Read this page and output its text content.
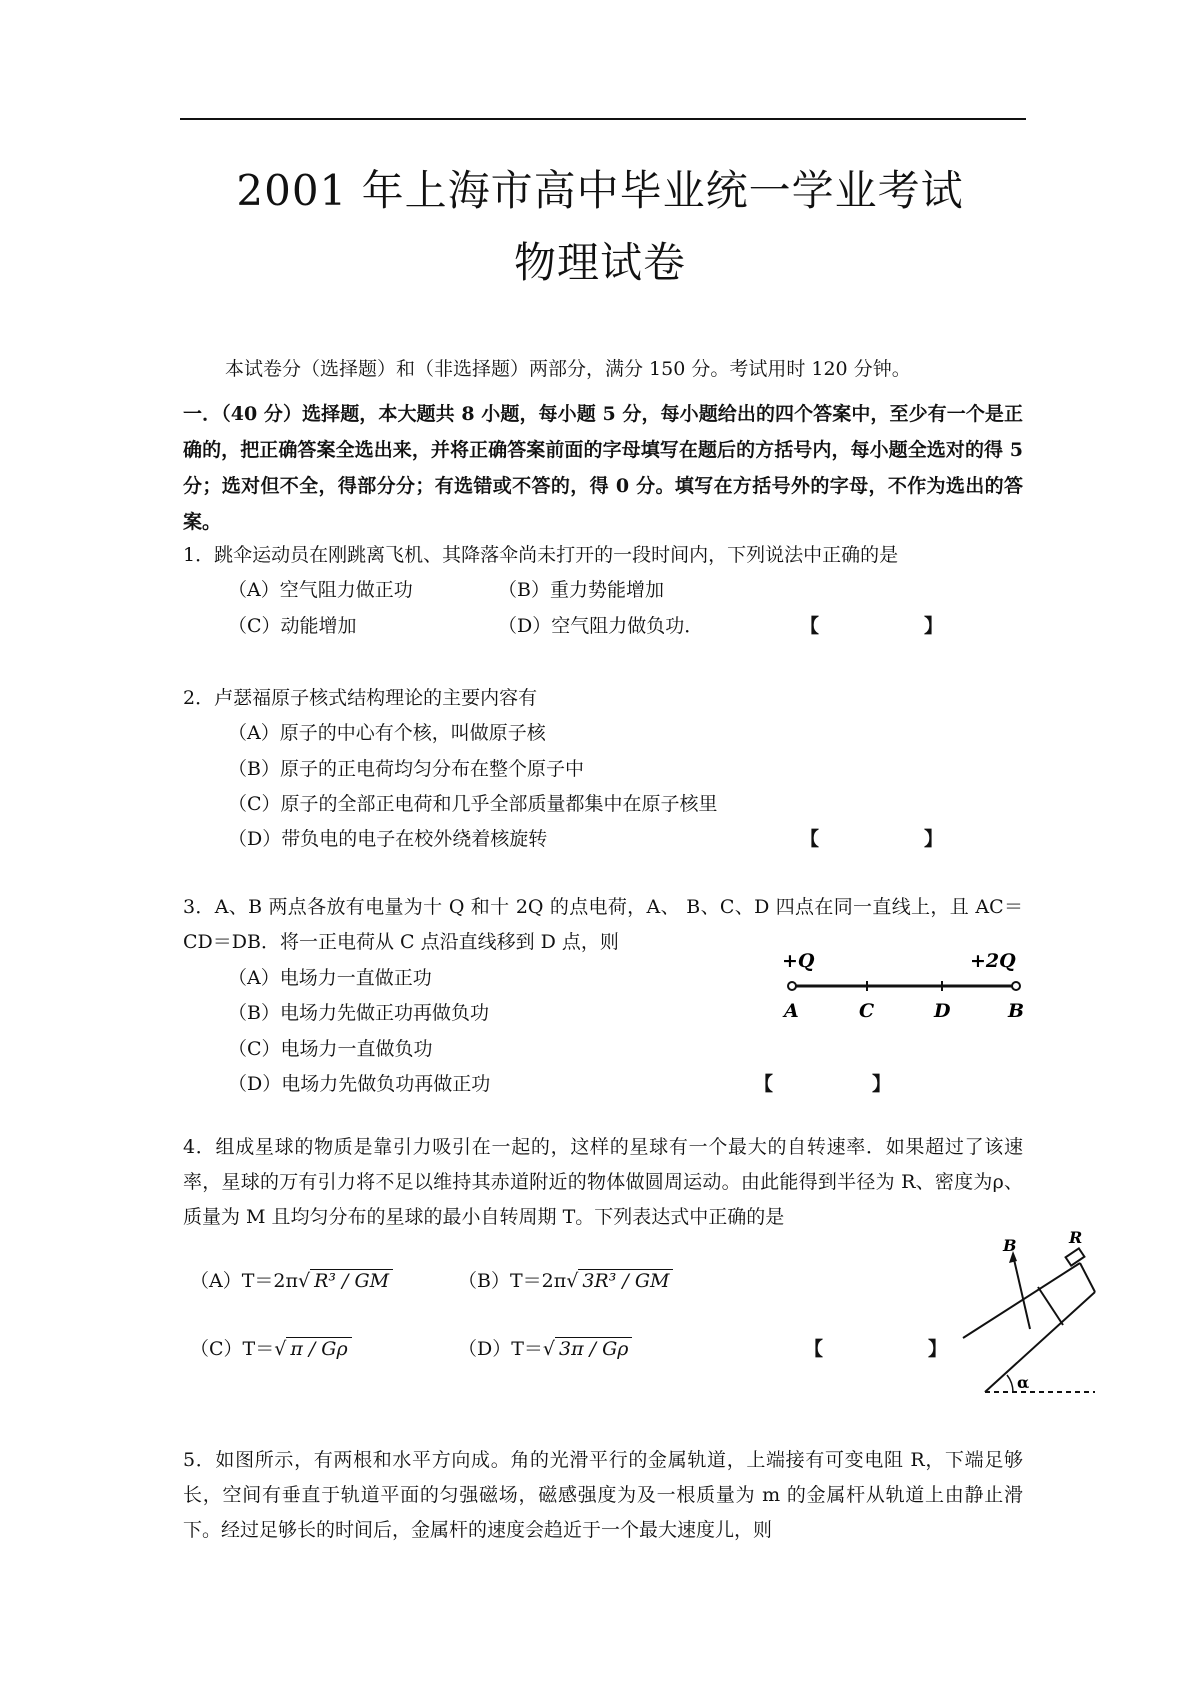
2001 年上海市高中毕业统一学业考试
物理试卷
本试卷分（选择题）和（非选择题）两部分，满分 150 分。考试用时 120 分钟。
一．（40 分）选择题，本大题共 8 小题，每小题 5 分，每小题给出的四个答案中，至少有一个是正确的，把正确答案全选出来，并将正确答案前面的字母填写在题后的方括号内，每小题全选对的得 5 分；选对但不全，得部分分；有选错或不答的，得 0 分。填写在方括号外的字母，不作为选出的答案。
1．跳伞运动员在刚跳离飞机、其降落伞尚未打开的一段时间内，下列说法中正确的是
（A）空气阻力做正功	（B）重力势能增加
（C）动能增加	（D）空气阻力做负功．	【	】
2．卢瑟福原子核式结构理论的主要内容有
（A）原子的中心有个核，叫做原子核
（B）原子的正电荷均匀分布在整个原子中
（C）原子的全部正电荷和几乎全部质量都集中在原子核里
（D）带负电的电子在校外绕着核旋转	【	】
3．A、B 两点各放有电量为十 Q 和十 2Q 的点电荷，A、 B、C、D 四点在同一直线上，且 AC＝CD＝DB．将一正电荷从 C 点沿直线移到 D 点，则
（A）电场力一直做正功
（B）电场力先做正功再做负功
（C）电场力一直做负功
（D）电场力先做负功再做正功	【	】
+Q	+2Q
A	C	D	B
4．组成星球的物质是靠引力吸引在一起的，这样的星球有一个最大的自转速率．如果超过了该速率，星球的万有引力将不足以维持其赤道附近的物体做圆周运动。由此能得到半径为 R、密度为ρ、质量为 M 且均匀分布的星球的最小自转周期 T。下列表达式中正确的是
（A）T＝2π√ R³ / GM	（B）T＝2π√ 3R³ / GM
（C）T＝√ π / Gρ	（D）T＝√ 3π / Gρ	【	】
B	R
α
5．如图所示，有两根和水平方向成。角的光滑平行的金属轨道，上端接有可变电阻 R，下端足够长，空间有垂直于轨道平面的匀强磁场，磁感强度为及一根质量为 m 的金属杆从轨道上由静止滑下。经过足够长的时间后，金属杆的速度会趋近于一个最大速度儿，则
